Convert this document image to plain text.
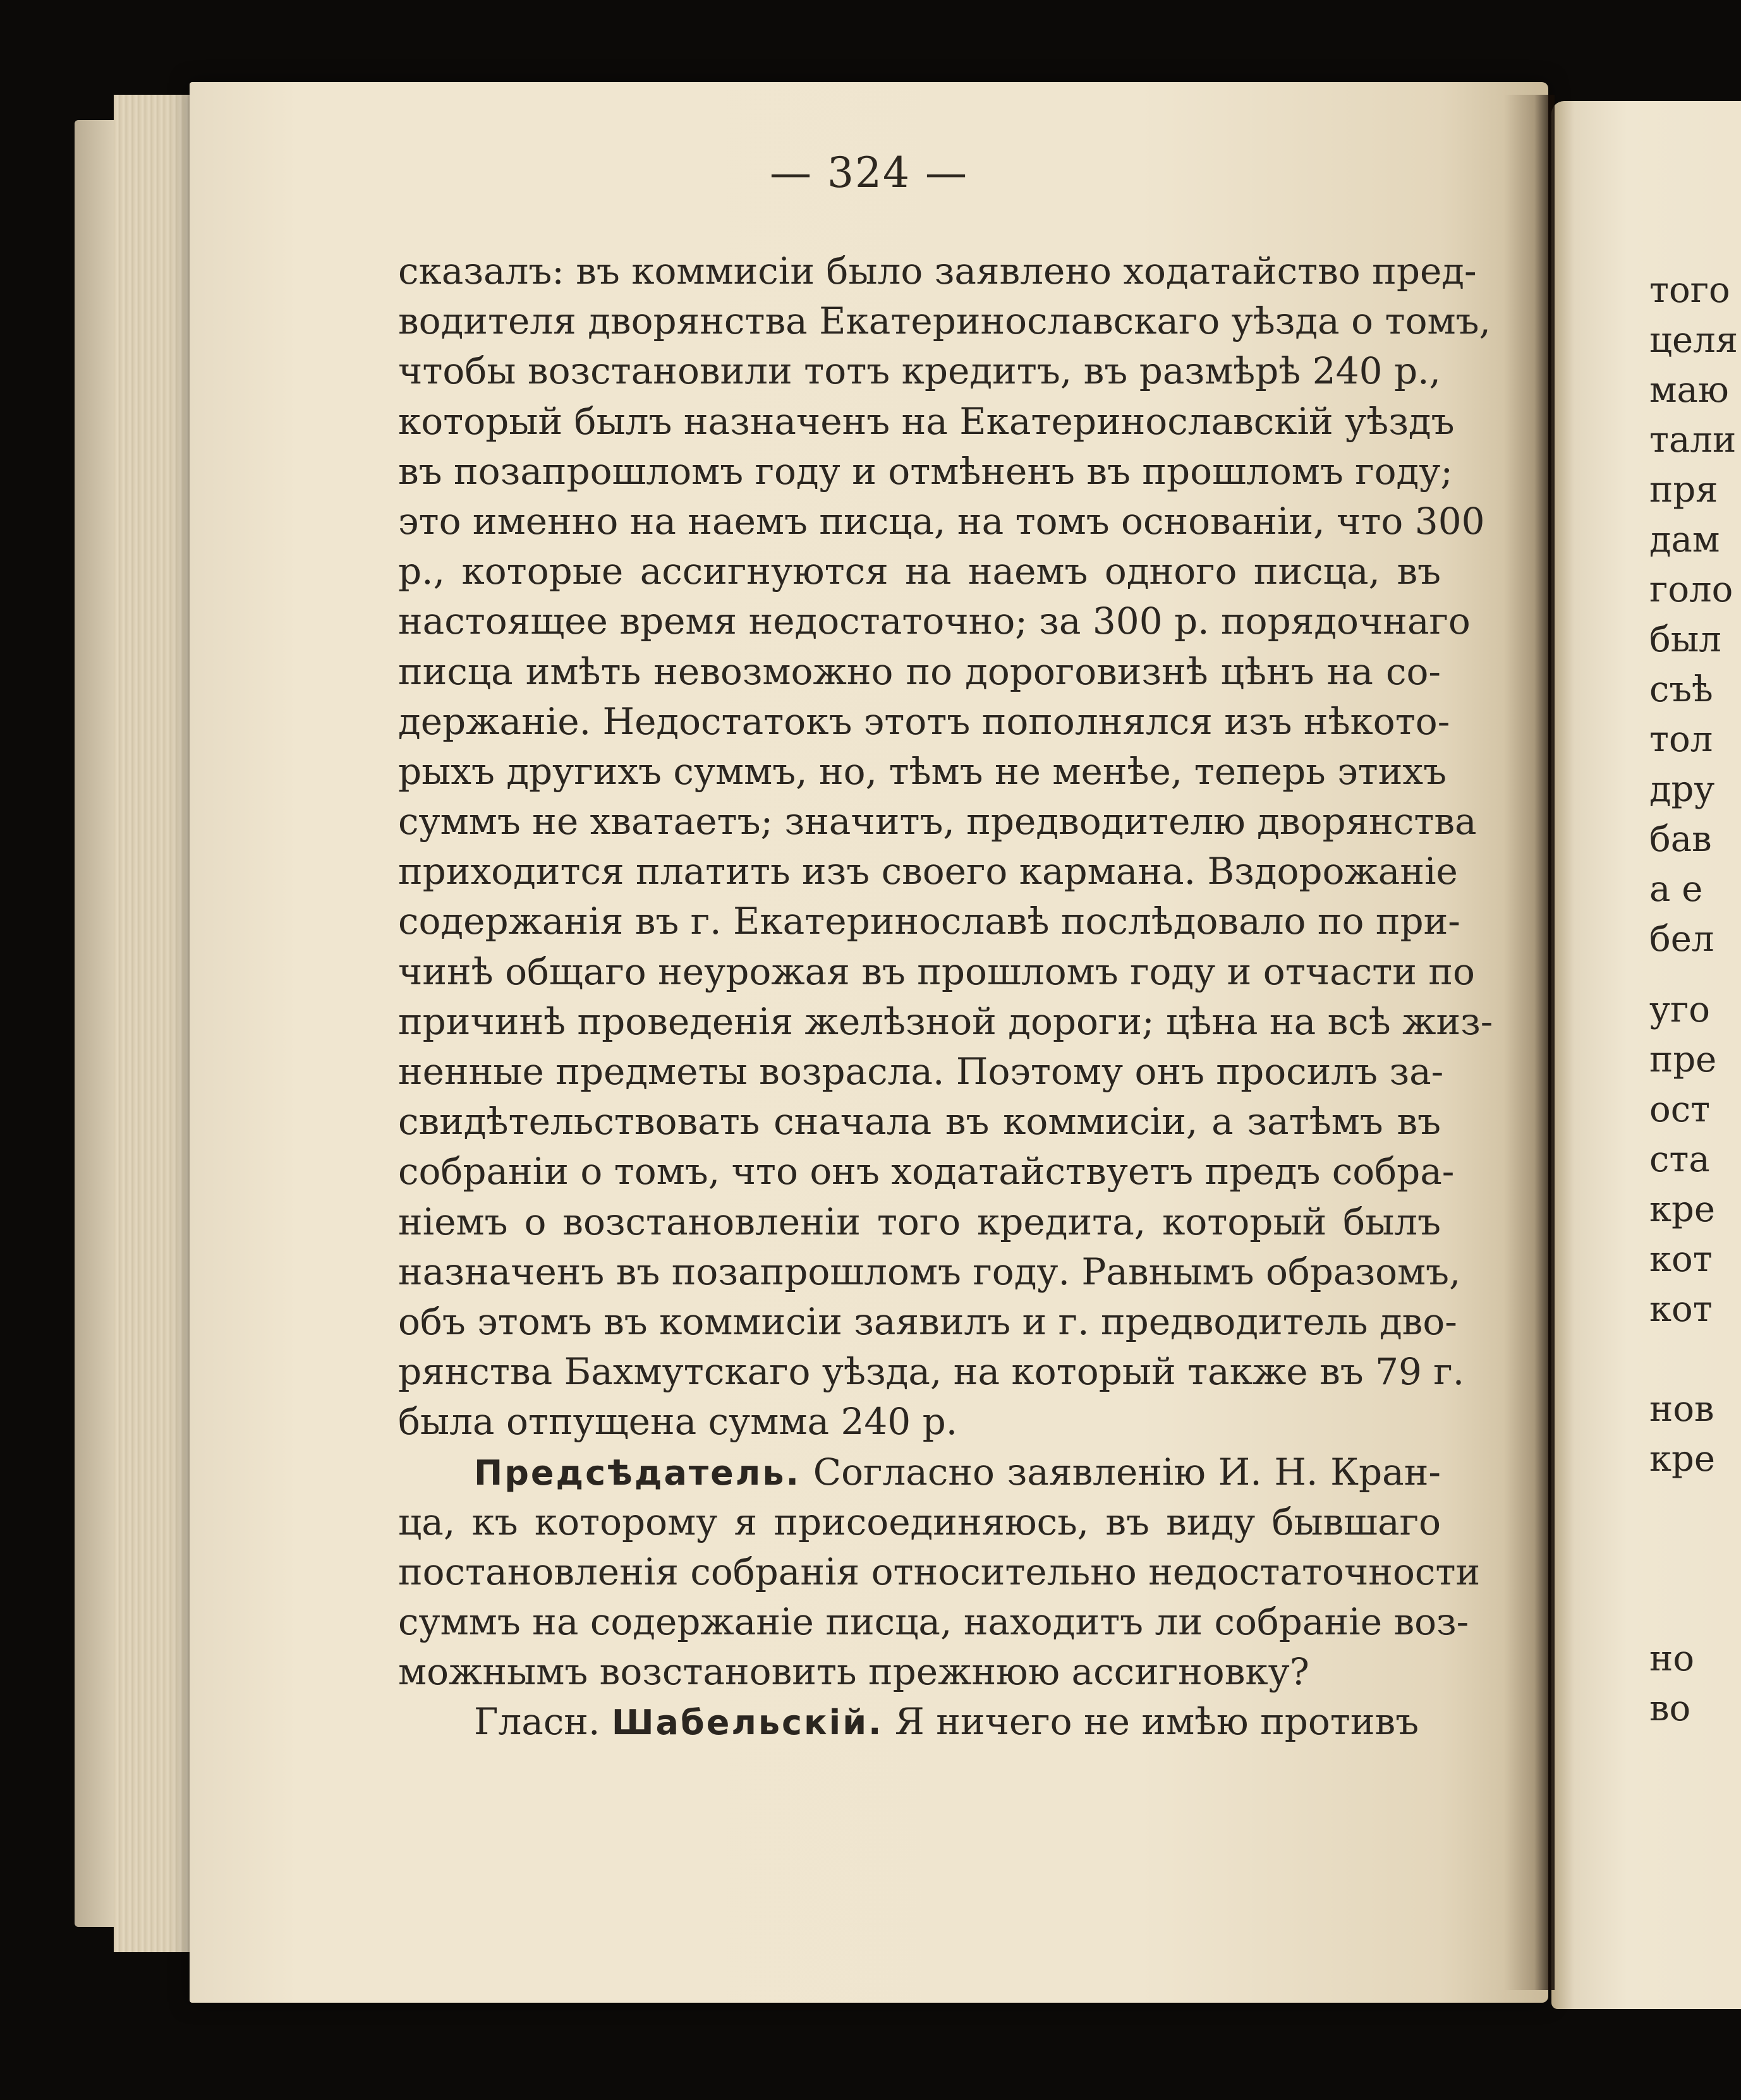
— 324 —
сказалъ: въ коммисіи было заявлено ходатайство пред-
водителя дворянства Екатеринославскаго уѣзда о томъ,
чтобы возстановили тотъ кредитъ, въ размѣрѣ 240 р.,
который былъ назначенъ на Екатеринославскій уѣздъ
въ позапрошломъ году и отмѣненъ въ прошломъ году;
это именно на наемъ писца, на томъ основаніи, что 300
р., которые ассигнуются на наемъ одного писца, въ
настоящее время недостаточно; за 300 р. порядочнаго
писца имѣть невозможно по дороговизнѣ цѣнъ на со-
держаніе. Недостатокъ этотъ пополнялся изъ нѣкото-
рыхъ другихъ суммъ, но, тѣмъ не менѣе, теперь этихъ
суммъ не хватаетъ; значитъ, предводителю дворянства
приходится платить изъ своего кармана. Вздорожаніе
содержанія въ г. Екатеринославѣ послѣдовало по при-
чинѣ общаго неурожая въ прошломъ году и отчасти по
причинѣ проведенія желѣзной дороги; цѣна на всѣ жиз-
ненные предметы возрасла. Поэтому онъ просилъ за-
свидѣтельствовать сначала въ коммисіи, а затѣмъ въ
собраніи о томъ, что онъ ходатайствуетъ предъ собра-
ніемъ о возстановленіи того кредита, который былъ
назначенъ въ позапрошломъ году. Равнымъ образомъ,
объ этомъ въ коммисіи заявилъ и г. предводитель дво-
рянства Бахмутскаго уѣзда, на который также въ 79 г.
была отпущена сумма 240 р.
Предсѣдатель. Согласно заявленію И. Н. Кран-
ца, къ которому я присоединяюсь, въ виду бывшаго
постановленія собранія относительно недостаточности
суммъ на содержаніе писца, находитъ ли собраніе воз-
можнымъ возстановить прежнюю ассигновку?
Гласн. Шабельскій. Я ничего не имѣю противъ
того
целя
маю
тали
пря
дам
голо
был
съѣ
тол
дру
бав
а е
бел
уго
пре
ост
ста
кре
кот
кот
нов
кре
но
во
